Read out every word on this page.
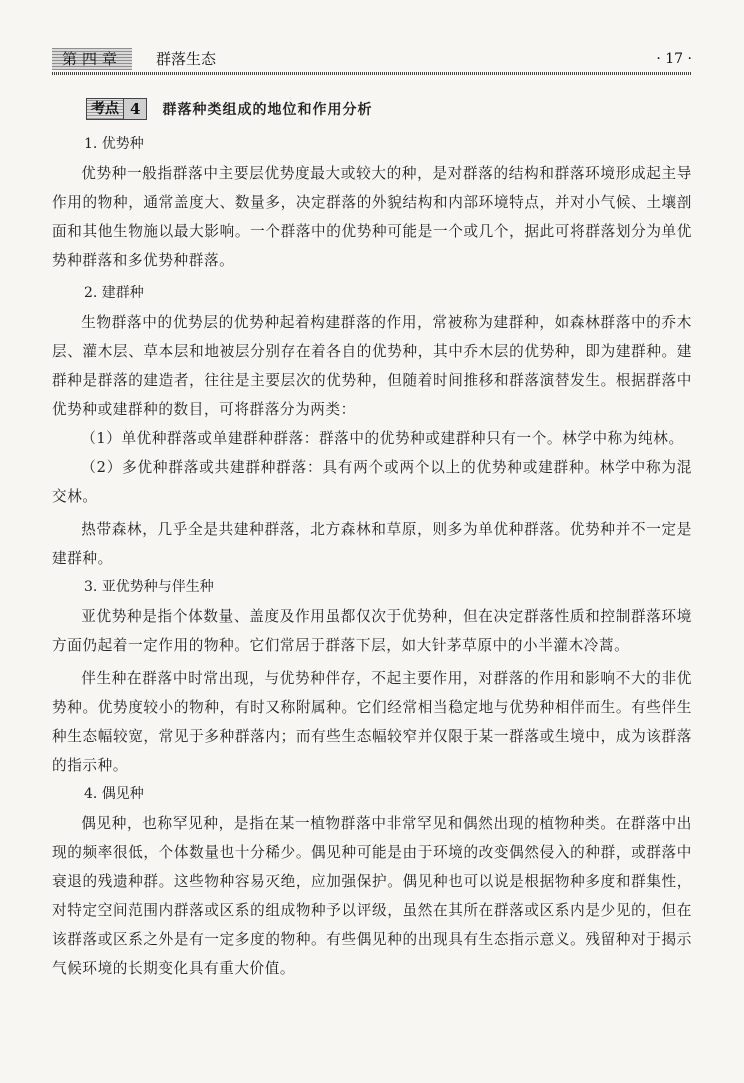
第四章	群落生态	· 17 ·
考点 4 群落种类组成的地位和作用分析

1. 优势种

优势种一般指群落中主要层优势度最大或较大的种，是对群落的结构和群落环境形成起主导作用的物种，通常盖度大、数量多，决定群落的外貌结构和内部环境特点，并对小气候、土壤剖面和其他生物施以最大影响。一个群落中的优势种可能是一个或几个，据此可将群落划分为单优势种群落和多优势种群落。

2. 建群种

生物群落中的优势层的优势种起着构建群落的作用，常被称为建群种，如森林群落中的乔木层、灌木层、草本层和地被层分别存在着各自的优势种，其中乔木层的优势种，即为建群种。建群种是群落的建造者，往往是主要层次的优势种，但随着时间推移和群落演替发生。根据群落中优势种或建群种的数目，可将群落分为两类：

（1）单优种群落或单建群种群落：群落中的优势种或建群种只有一个。林学中称为纯林。

（2）多优种群落或共建群种群落：具有两个或两个以上的优势种或建群种。林学中称为混交林。

热带森林，几乎全是共建种群落，北方森林和草原，则多为单优种群落。优势种并不一定是建群种。

3. 亚优势种与伴生种

亚优势种是指个体数量、盖度及作用虽都仅次于优势种，但在决定群落性质和控制群落环境方面仍起着一定作用的物种。它们常居于群落下层，如大针茅草原中的小半灌木冷蒿。

伴生种在群落中时常出现，与优势种伴存，不起主要作用，对群落的作用和影响不大的非优势种。优势度较小的物种，有时又称附属种。它们经常相当稳定地与优势种相伴而生。有些伴生种生态幅较宽，常见于多种群落内；而有些生态幅较窄并仅限于某一群落或生境中，成为该群落的指示种。

4. 偶见种

偶见种，也称罕见种，是指在某一植物群落中非常罕见和偶然出现的植物种类。在群落中出现的频率很低，个体数量也十分稀少。偶见种可能是由于环境的改变偶然侵入的种群，或群落中衰退的残遗种群。这些物种容易灭绝，应加强保护。偶见种也可以说是根据物种多度和群集性，对特定空间范围内群落或区系的组成物种予以评级，虽然在其所在群落或区系内是少见的，但在该群落或区系之外是有一定多度的物种。有些偶见种的出现具有生态指示意义。残留种对于揭示气候环境的长期变化具有重大价值。
